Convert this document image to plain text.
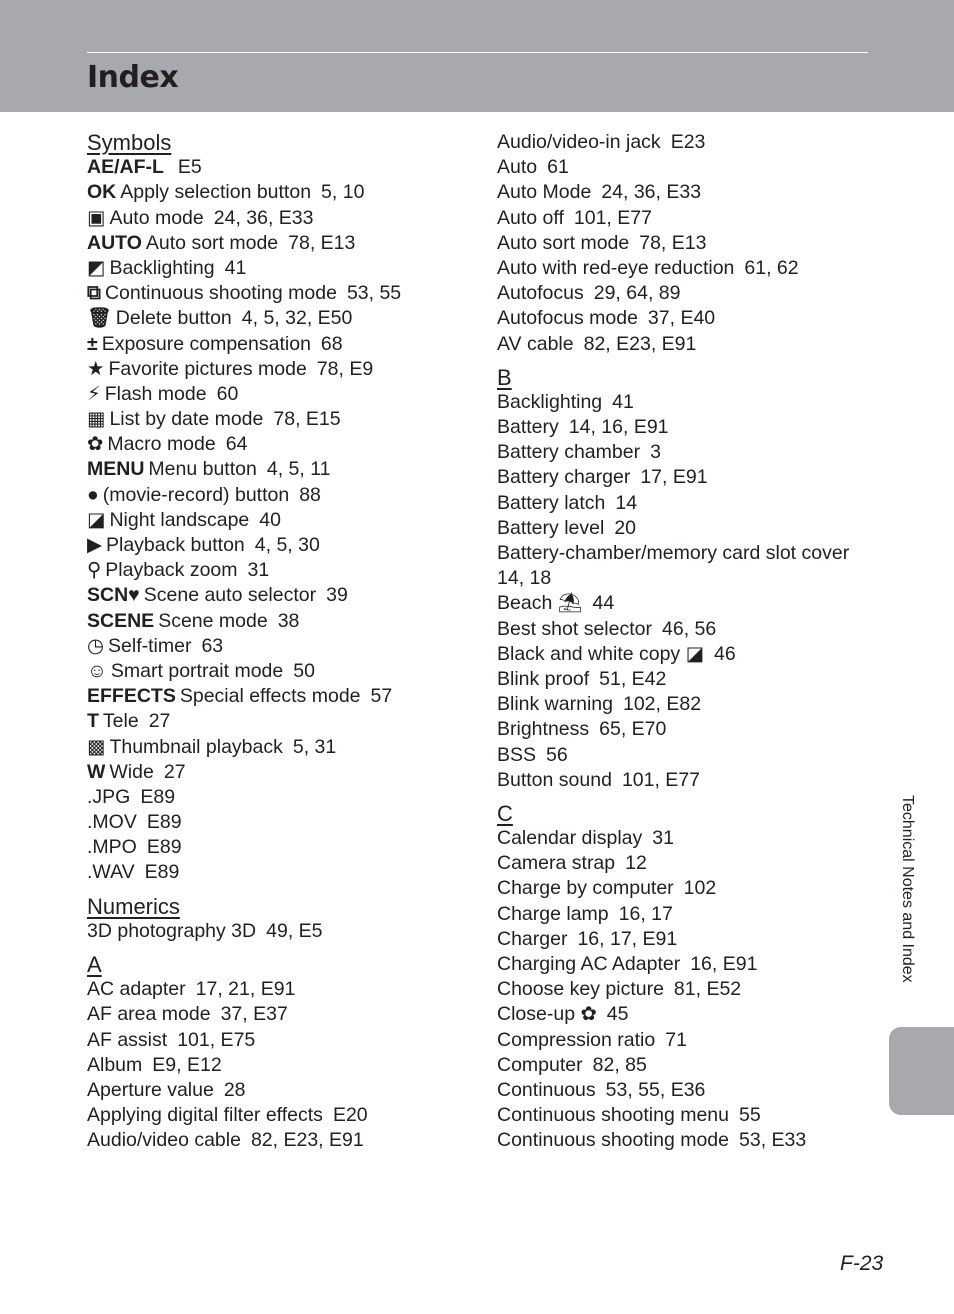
Index
Symbols
AE/AF-L E5
OK Apply selection button 5, 10
▣ Auto mode 24, 36, E33
AUTO Auto sort mode 78, E13
◩ Backlighting 41
⧉ Continuous shooting mode 53, 55
🗑 Delete button 4, 5, 32, E50
± Exposure compensation 68
★ Favorite pictures mode 78, E9
⚡ Flash mode 60
▦ List by date mode 78, E15
✿ Macro mode 64
MENU Menu button 4, 5, 11
● (movie-record) button 88
◪ Night landscape 40
▶ Playback button 4, 5, 30
⚲ Playback zoom 31
SCN♥ Scene auto selector 39
SCENE Scene mode 38
◷ Self-timer 63
☺ Smart portrait mode 50
EFFECTS Special effects mode 57
T Tele 27
▩ Thumbnail playback 5, 31
W Wide 27
.JPG E89
.MOV E89
.MPO E89
.WAV E89
Numerics
3D photography 3D 49, E5
A
AC adapter 17, 21, E91
AF area mode 37, E37
AF assist 101, E75
Album E9, E12
Aperture value 28
Applying digital filter effects E20
Audio/video cable 82, E23, E91
Audio/video-in jack E23
Auto 61
Auto Mode 24, 36, E33
Auto off 101, E77
Auto sort mode 78, E13
Auto with red-eye reduction 61, 62
Autofocus 29, 64, 89
Autofocus mode 37, E40
AV cable 82, E23, E91
B
Backlighting 41
Battery 14, 16, E91
Battery chamber 3
Battery charger 17, E91
Battery latch 14
Battery level 20
Battery-chamber/memory card slot cover
14, 18
Beach ⛱ 44
Best shot selector 46, 56
Black and white copy ◪ 46
Blink proof 51, E42
Blink warning 102, E82
Brightness 65, E70
BSS 56
Button sound 101, E77
C
Calendar display 31
Camera strap 12
Charge by computer 102
Charge lamp 16, 17
Charger 16, 17, E91
Charging AC Adapter 16, E91
Choose key picture 81, E52
Close-up ✿ 45
Compression ratio 71
Computer 82, 85
Continuous 53, 55, E36
Continuous shooting menu 55
Continuous shooting mode 53, E33
Technical Notes and Index
F-23
